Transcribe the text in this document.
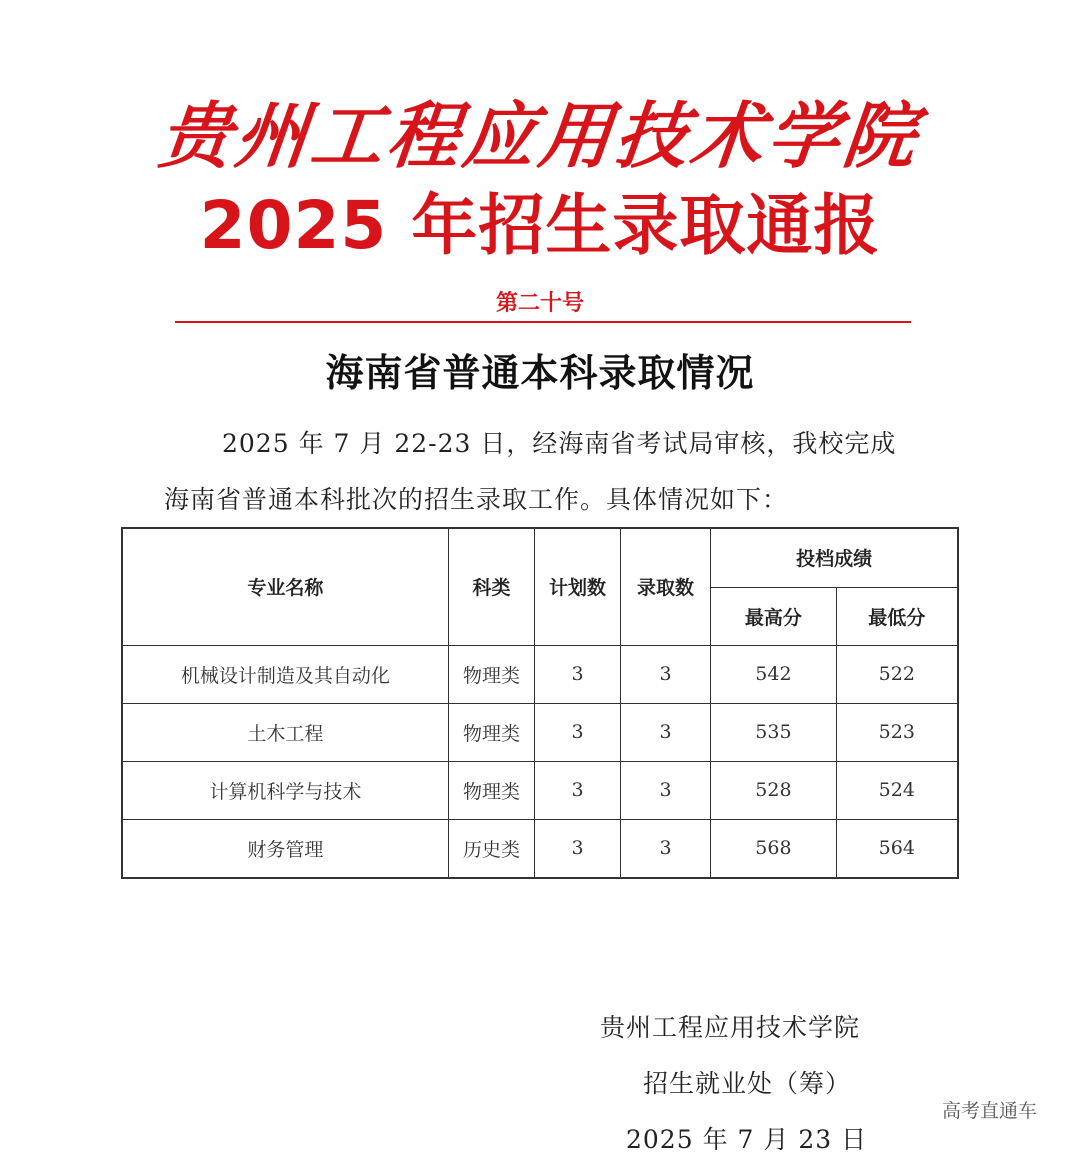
贵州工程应用技术学院
2025 年招生录取通报
第二十号
海南省普通本科录取情况
2025 年 7 月 22-23 日，经海南省考试局审核，我校完成
海南省普通本科批次的招生录取工作。具体情况如下：
专业名称	科类	计划数	录取数	投档成绩	
				最高分	最低分
机械设计制造及其自动化	物理类	3	3	542	522
土木工程	物理类	3	3	535	523
计算机科学与技术	物理类	3	3	528	524
财务管理	历史类	3	3	568	564
贵州工程应用技术学院
招生就业处（筹）
2025 年 7 月 23 日
高考直通车
